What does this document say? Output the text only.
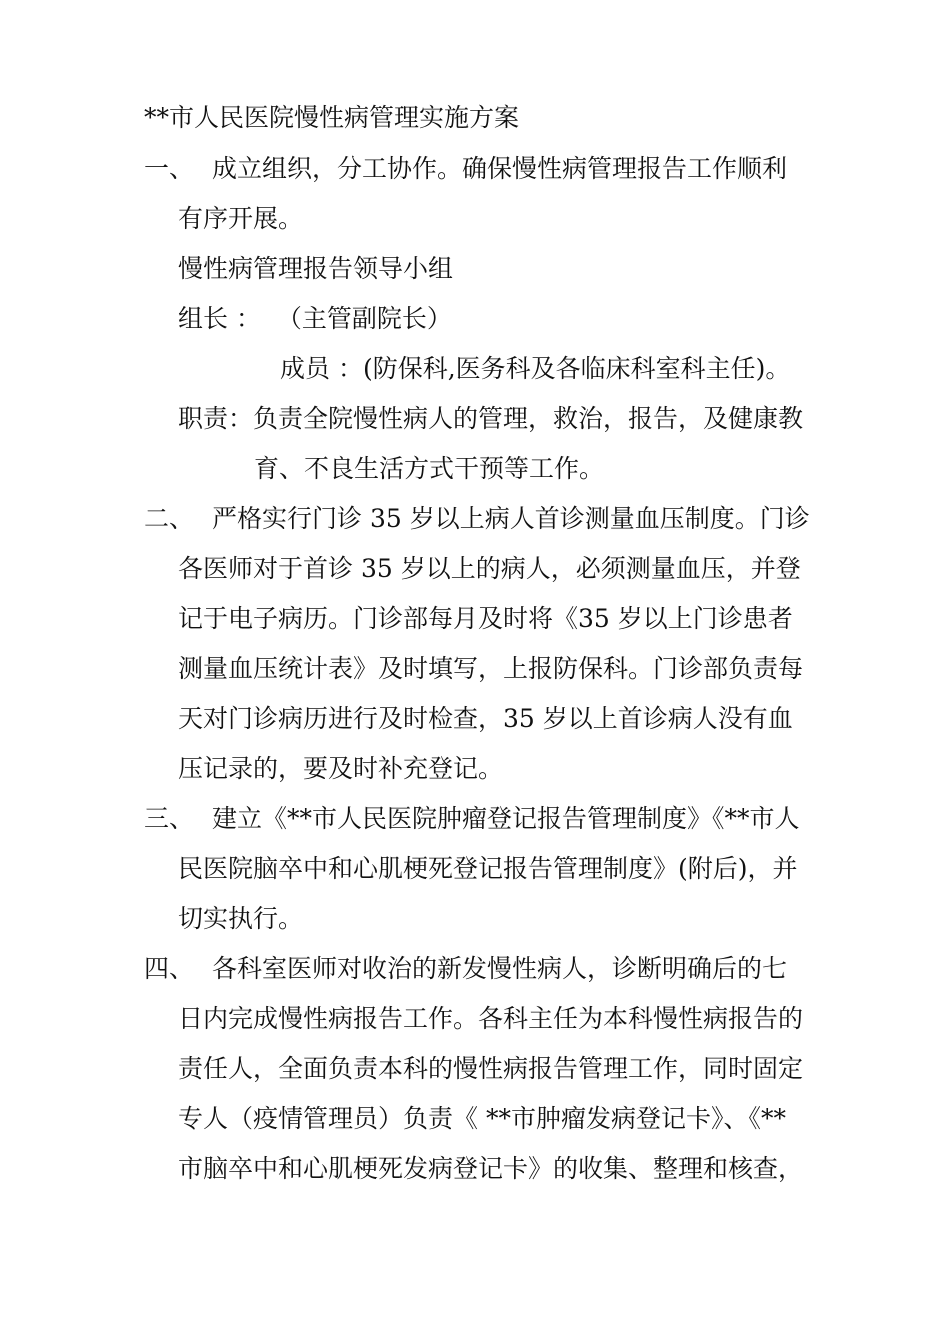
**市人民医院慢性病管理实施方案
一、 成立组织，分工协作。确保慢性病管理报告工作顺利
有序开展。
慢性病管理报告领导小组
组长 ：  （主管副院长）
成员 ：(防保科,医务科及各临床科室科主任)。
职责：负责全院慢性病人的管理，救治，报告，及健康教
育、不良生活方式干预等工作。
二、 严格实行门诊 35 岁以上病人首诊测量血压制度。门诊
各医师对于首诊 35 岁以上的病人，必须测量血压，并登
记于电子病历。门诊部每月及时将《35 岁以上门诊患者
测量血压统计表》及时填写，上报防保科。门诊部负责每
天对门诊病历进行及时检查，35 岁以上首诊病人没有血
压记录的，要及时补充登记。
三、 建立《**市人民医院肿瘤登记报告管理制度》《**市人
民医院脑卒中和心肌梗死登记报告管理制度》(附后)，并
切实执行。
四、 各科室医师对收治的新发慢性病人，诊断明确后的七
日内完成慢性病报告工作。各科主任为本科慢性病报告的
责任人，全面负责本科的慢性病报告管理工作，同时固定
专人（疫情管理员）负责《 **市肿瘤发病登记卡》、《**
市脑卒中和心肌梗死发病登记卡》的收集、整理和核查，
